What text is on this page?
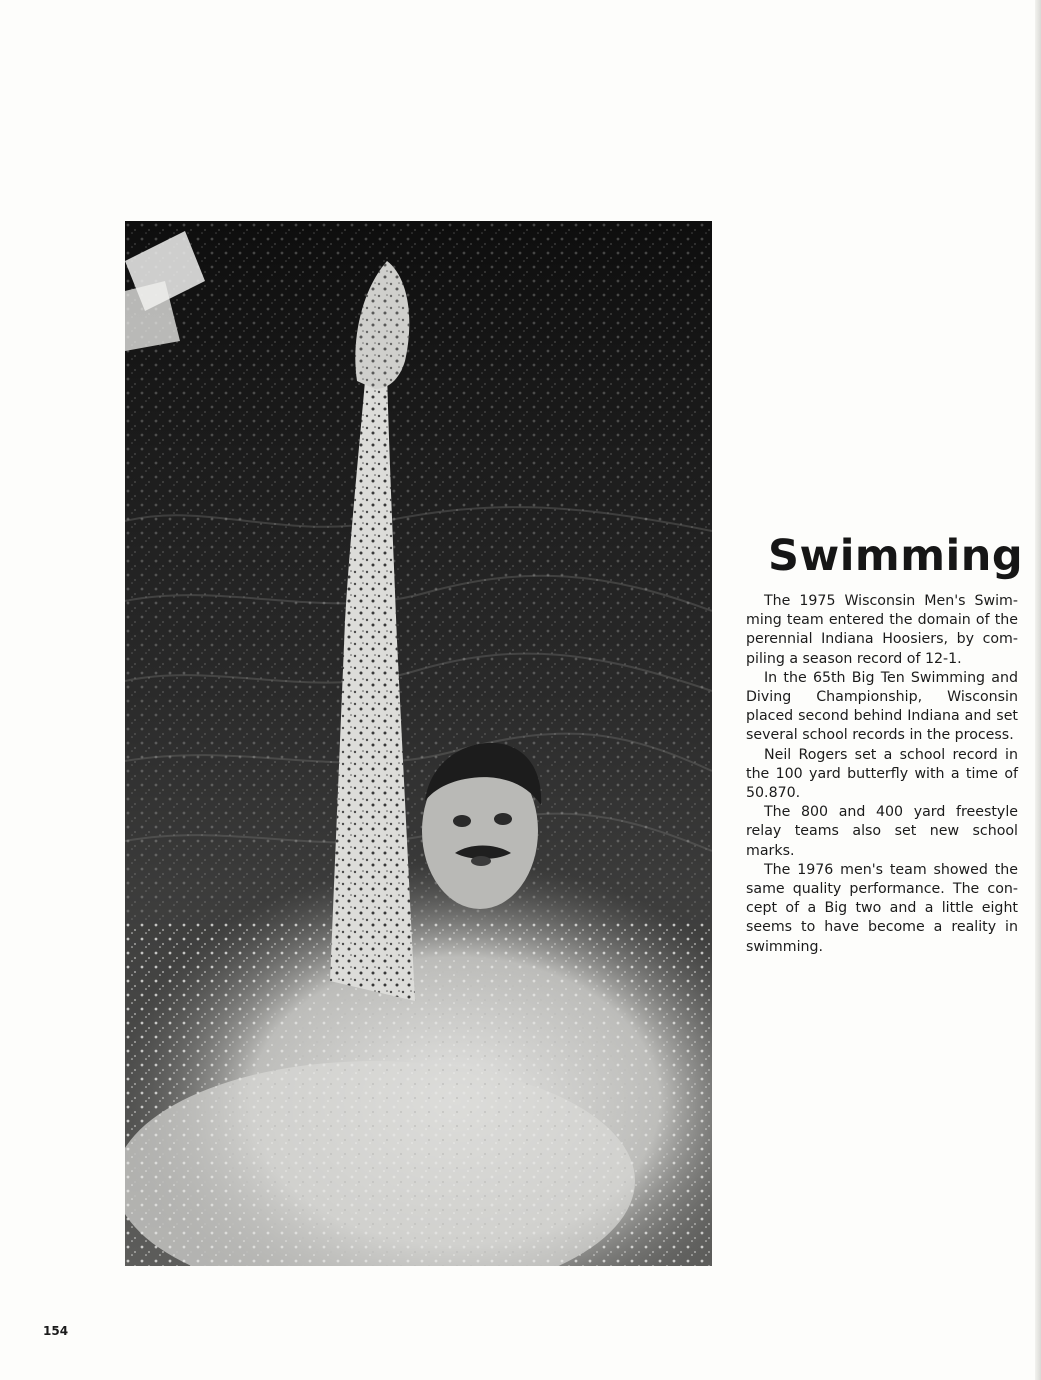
Swimming

The 1975 Wisconsin Men's Swim-ming team entered the domain of the perennial Indiana Hoosiers, by com-piling a season record of 12-1.

In the 65th Big Ten Swimming and Diving Championship, Wisconsin placed second behind Indiana and set several school records in the process.

Neil Rogers set a school record in the 100 yard butterfly with a time of 50.870.

The 800 and 400 yard freestyle relay teams also set new school marks.

The 1976 men's team showed the same quality performance. The con-cept of a Big two and a little eight seems to have become a reality in swimming.

154
